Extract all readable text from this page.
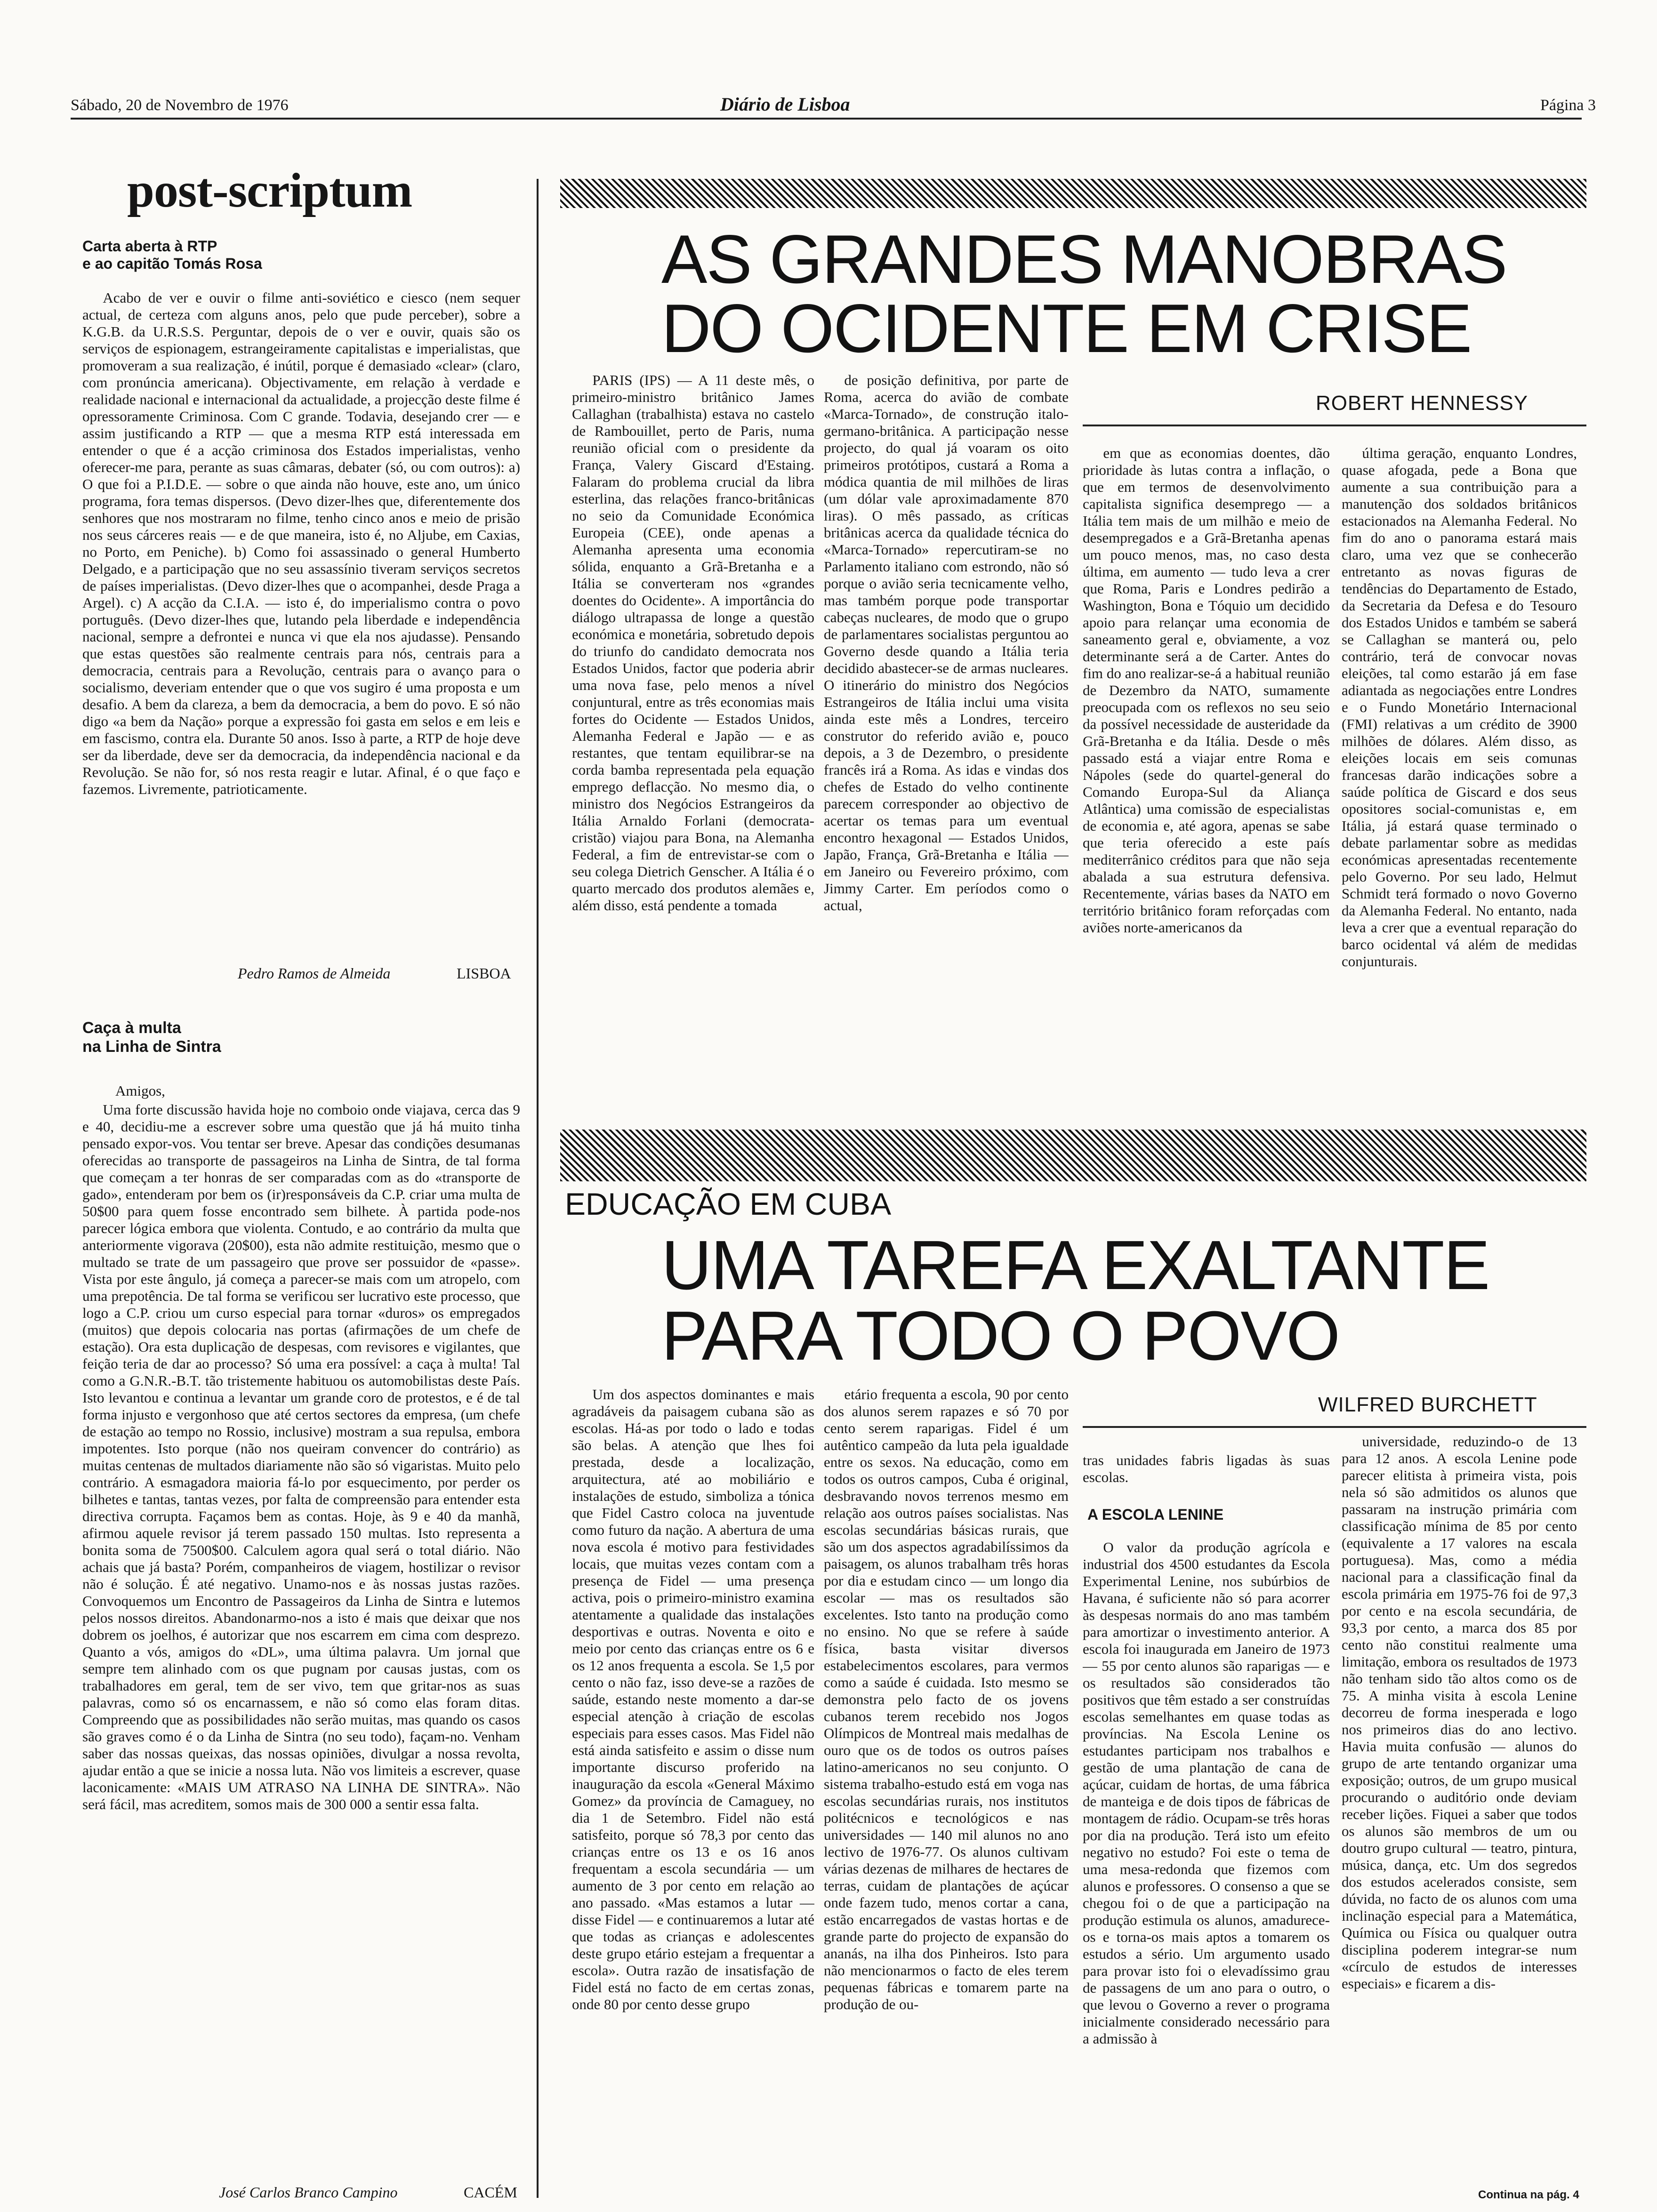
Sábado, 20 de Novembro de 1976	Diário de Lisboa	Página 3
post-scriptum
Carta aberta à RTP
e ao capitão Tomás Rosa

Acabo de ver e ouvir o filme anti-soviético e ciesco (nem sequer actual, de certeza com alguns anos, pelo que pude perceber), sobre a K.G.B. da U.R.S.S. Perguntar, depois de o ver e ouvir, quais são os serviços de espionagem, estrangeiramente capitalistas e imperialistas, que promoveram a sua realização, é inútil, porque é demasiado «clear» (claro, com pronúncia americana). Objectivamente, em relação à verdade e realidade nacional e internacional da actualidade, a projecção deste filme é opressoramente Criminosa. Com C grande. Todavia, desejando crer — e assim justificando a RTP — que a mesma RTP está interessada em entender o que é a acção criminosa dos Estados imperialistas, venho oferecer-me para, perante as suas câmaras, debater (só, ou com outros): a) O que foi a P.I.D.E. — sobre o que ainda não houve, este ano, um único programa, fora temas dispersos. (Devo dizer-lhes que, diferentemente dos senhores que nos mostraram no filme, tenho cinco anos e meio de prisão nos seus cárceres reais — e de que maneira, isto é, no Aljube, em Caxias, no Porto, em Peniche). b) Como foi assassinado o general Humberto Delgado, e a participação que no seu assassínio tiveram serviços secretos de países imperialistas. (Devo dizer-lhes que o acompanhei, desde Praga a Argel). c) A acção da C.I.A. — isto é, do imperialismo contra o povo português. (Devo dizer-lhes que, lutando pela liberdade e independência nacional, sempre a defrontei e nunca vi que ela nos ajudasse). Pensando que estas questões são realmente centrais para nós, centrais para a democracia, centrais para a Revolução, centrais para o avanço para o socialismo, deveriam entender que o que vos sugiro é uma proposta e um desafio. A bem da clareza, a bem da democracia, a bem do povo. E só não digo «a bem da Nação» porque a expressão foi gasta em selos e em leis e em fascismo, contra ela. Durante 50 anos. Isso à parte, a RTP de hoje deve ser da liberdade, deve ser da democracia, da independência nacional e da Revolução. Se não for, só nos resta reagir e lutar. Afinal, é o que faço e fazemos. Livremente, patrioticamente.

Pedro Ramos de Almeida	LISBOA
Caça à multa
na Linha de Sintra
Amigos,

Uma forte discussão havida hoje no comboio onde viajava, cerca das 9 e 40, decidiu-me a escrever sobre uma questão que já há muito tinha pensado expor-vos. Vou tentar ser breve. Apesar das condições desumanas oferecidas ao transporte de passageiros na Linha de Sintra, de tal forma que começam a ter honras de ser comparadas com as do «transporte de gado», entenderam por bem os (ir)responsáveis da C.P. criar uma multa de 50$00 para quem fosse encontrado sem bilhete. À partida pode-nos parecer lógica embora que violenta. Contudo, e ao contrário da multa que anteriormente vigorava (20$00), esta não admite restituição, mesmo que o multado se trate de um passageiro que prove ser possuidor de «passe». Vista por este ângulo, já começa a parecer-se mais com um atropelo, com uma prepotência. De tal forma se verificou ser lucrativo este processo, que logo a C.P. criou um curso especial para tornar «duros» os empregados (muitos) que depois colocaria nas portas (afirmações de um chefe de estação). Ora esta duplicação de despesas, com revisores e vigilantes, que feição teria de dar ao processo? Só uma era possível: a caça à multa! Tal como a G.N.R.-B.T. tão tristemente habituou os automobilistas deste País. Isto levantou e continua a levantar um grande coro de protestos, e é de tal forma injusto e vergonhoso que até certos sectores da empresa, (um chefe de estação ao tempo no Rossio, inclusive) mostram a sua repulsa, embora impotentes. Isto porque (não nos queiram convencer do contrário) as muitas centenas de multados diariamente não são só vigaristas. Muito pelo contrário. A esmagadora maioria fá-lo por esquecimento, por perder os bilhetes e tantas, tantas vezes, por falta de compreensão para entender esta directiva corrupta. Façamos bem as contas. Hoje, às 9 e 40 da manhã, afirmou aquele revisor já terem passado 150 multas. Isto representa a bonita soma de 7500$00. Calculem agora qual será o total diário. Não achais que já basta? Porém, companheiros de viagem, hostilizar o revisor não é solução. É até negativo. Unamo-nos e às nossas justas razões. Convoquemos um Encontro de Passageiros da Linha de Sintra e lutemos pelos nossos direitos. Abandonarmo-nos a isto é mais que deixar que nos dobrem os joelhos, é autorizar que nos escarrem em cima com desprezo. Quanto a vós, amigos do «DL», uma última palavra. Um jornal que sempre tem alinhado com os que pugnam por causas justas, com os trabalhadores em geral, tem de ser vivo, tem que gritar-nos as suas palavras, como só os encarnassem, e não só como elas foram ditas. Compreendo que as possibilidades não serão muitas, mas quando os casos são graves como é o da Linha de Sintra (no seu todo), façam-no. Venham saber das nossas queixas, das nossas opiniões, divulgar a nossa revolta, ajudar então a que se inicie a nossa luta. Não vos limiteis a escrever, quase laconicamente: «MAIS UM ATRASO NA LINHA DE SINTRA». Não será fácil, mas acreditem, somos mais de 300 000 a sentir essa falta.

José Carlos Branco Campino	CACÉM
AS GRANDES MANOBRAS
DO OCIDENTE EM CRISE
ROBERT HENNESSY

PARIS (IPS) — A 11 deste mês, o primeiro-ministro britânico James Callaghan (trabalhista) estava no castelo de Rambouillet, perto de Paris, numa reunião oficial com o presidente da França, Valery Giscard d'Estaing. Falaram do problema crucial da libra esterlina, das relações franco-britânicas no seio da Comunidade Económica Europeia (CEE), onde apenas a Alemanha apresenta uma economia sólida, enquanto a Grã-Bretanha e a Itália se converteram nos «grandes doentes do Ocidente». A importância do diálogo ultrapassa de longe a questão económica e monetária, sobretudo depois do triunfo do candidato democrata nos Estados Unidos, factor que poderia abrir uma nova fase, pelo menos a nível conjuntural, entre as três economias mais fortes do Ocidente — Estados Unidos, Alemanha Federal e Japão — e as restantes, que tentam equilibrar-se na corda bamba representada pela equação emprego deflacção. No mesmo dia, o ministro dos Negócios Estrangeiros da Itália Arnaldo Forlani (democrata-cristão) viajou para Bona, na Alemanha Federal, a fim de entrevistar-se com o seu colega Dietrich Genscher. A Itália é o quarto mercado dos produtos alemães e, além disso, está pendente a tomada

de posição definitiva, por parte de Roma, acerca do avião de combate «Marca-Tornado», de construção italo-germano-britânica. A participação nesse projecto, do qual já voaram os oito primeiros protótipos, custará a Roma a módica quantia de mil milhões de liras (um dólar vale aproximadamente 870 liras). O mês passado, as críticas britânicas acerca da qualidade técnica do «Marca-Tornado» repercutiram-se no Parlamento italiano com estrondo, não só porque o avião seria tecnicamente velho, mas também porque pode transportar cabeças nucleares, de modo que o grupo de parlamentares socialistas perguntou ao Governo desde quando a Itália teria decidido abastecer-se de armas nucleares. O itinerário do ministro dos Negócios Estrangeiros de Itália inclui uma visita ainda este mês a Londres, terceiro construtor do referido avião e, pouco depois, a 3 de Dezembro, o presidente francês irá a Roma. As idas e vindas dos chefes de Estado do velho continente parecem corresponder ao objectivo de acertar os temas para um eventual encontro hexagonal — Estados Unidos, Japão, França, Grã-Bretanha e Itália — em Janeiro ou Fevereiro próximo, com Jimmy Carter. Em períodos como o actual,

em que as economias doentes, dão prioridade às lutas contra a inflação, o que em termos de desenvolvimento capitalista significa desemprego — a Itália tem mais de um milhão e meio de desempregados e a Grã-Bretanha apenas um pouco menos, mas, no caso desta última, em aumento — tudo leva a crer que Roma, Paris e Londres pedirão a Washington, Bona e Tóquio um decidido apoio para relançar uma economia de saneamento geral e, obviamente, a voz determinante será a de Carter. Antes do fim do ano realizar-se-á a habitual reunião de Dezembro da NATO, sumamente preocupada com os reflexos no seu seio da possível necessidade de austeridade da Grã-Bretanha e da Itália. Desde o mês passado está a viajar entre Roma e Nápoles (sede do quartel-general do Comando Europa-Sul da Aliança Atlântica) uma comissão de especialistas de economia e, até agora, apenas se sabe que teria oferecido a este país mediterrânico créditos para que não seja abalada a sua estrutura defensiva. Recentemente, várias bases da NATO em território britânico foram reforçadas com aviões norte-americanos da

última geração, enquanto Londres, quase afogada, pede a Bona que aumente a sua contribuição para a manutenção dos soldados britânicos estacionados na Alemanha Federal. No fim do ano o panorama estará mais claro, uma vez que se conhecerão entretanto as novas figuras de tendências do Departamento de Estado, da Secretaria da Defesa e do Tesouro dos Estados Unidos e também se saberá se Callaghan se manterá ou, pelo contrário, terá de convocar novas eleições, tal como estarão já em fase adiantada as negociações entre Londres e o Fundo Monetário Internacional (FMI) relativas a um crédito de 3900 milhões de dólares. Além disso, as eleições locais em seis comunas francesas darão indicações sobre a saúde política de Giscard e dos seus opositores social-comunistas e, em Itália, já estará quase terminado o debate parlamentar sobre as medidas económicas apresentadas recentemente pelo Governo. Por seu lado, Helmut Schmidt terá formado o novo Governo da Alemanha Federal. No entanto, nada leva a crer que a eventual reparação do barco ocidental vá além de medidas conjunturais.

EDUCAÇÃO EM CUBA
UMA TAREFA EXALTANTE
PARA TODO O POVO
WILFRED BURCHETT

Um dos aspectos dominantes e mais agradáveis da paisagem cubana são as escolas. Há-as por todo o lado e todas são belas. A atenção que lhes foi prestada, desde a localização, arquitectura, até ao mobiliário e instalações de estudo, simboliza a tónica que Fidel Castro coloca na juventude como futuro da nação. A abertura de uma nova escola é motivo para festividades locais, que muitas vezes contam com a presença de Fidel — uma presença activa, pois o primeiro-ministro examina atentamente a qualidade das instalações desportivas e outras. Noventa e oito e meio por cento das crianças entre os 6 e os 12 anos frequenta a escola. Se 1,5 por cento o não faz, isso deve-se a razões de saúde, estando neste momento a dar-se especial atenção à criação de escolas especiais para esses casos. Mas Fidel não está ainda satisfeito e assim o disse num importante discurso proferido na inauguração da escola «General Máximo Gomez» da província de Camaguey, no dia 1 de Setembro. Fidel não está satisfeito, porque só 78,3 por cento das crianças entre os 13 e os 16 anos frequentam a escola secundária — um aumento de 3 por cento em relação ao ano passado. «Mas estamos a lutar — disse Fidel — e continuaremos a lutar até que todas as crianças e adolescentes deste grupo etário estejam a frequentar a escola». Outra razão de insatisfação de Fidel está no facto de em certas zonas, onde 80 por cento desse grupo

etário frequenta a escola, 90 por cento dos alunos serem rapazes e só 70 por cento serem raparigas. Fidel é um autêntico campeão da luta pela igualdade entre os sexos. Na educação, como em todos os outros campos, Cuba é original, desbravando novos terrenos mesmo em relação aos outros países socialistas. Nas escolas secundárias básicas rurais, que são um dos aspectos agradabilíssimos da paisagem, os alunos trabalham três horas por dia e estudam cinco — um longo dia escolar — mas os resultados são excelentes. Isto tanto na produção como no ensino. No que se refere à saúde física, basta visitar diversos estabelecimentos escolares, para vermos como a saúde é cuidada. Isto mesmo se demonstra pelo facto de os jovens cubanos terem recebido nos Jogos Olímpicos de Montreal mais medalhas de ouro que os de todos os outros países latino-americanos no seu conjunto. O sistema trabalho-estudo está em voga nas escolas secundárias rurais, nos institutos politécnicos e tecnológicos e nas universidades — 140 mil alunos no ano lectivo de 1976-77. Os alunos cultivam várias dezenas de milhares de hectares de terras, cuidam de plantações de açúcar onde fazem tudo, menos cortar a cana, estão encarregados de vastas hortas e de grande parte do projecto de expansão do ananás, na ilha dos Pinheiros. Isto para não mencionarmos o facto de eles terem pequenas fábricas e tomarem parte na produção de ou-

tras unidades fabris ligadas às suas escolas.

A ESCOLA LENINE

O valor da produção agrícola e industrial dos 4500 estudantes da Escola Experimental Lenine, nos subúrbios de Havana, é suficiente não só para acorrer às despesas normais do ano mas também para amortizar o investimento anterior. A escola foi inaugurada em Janeiro de 1973 — 55 por cento alunos são raparigas — e os resultados são considerados tão positivos que têm estado a ser construídas escolas semelhantes em quase todas as províncias. Na Escola Lenine os estudantes participam nos trabalhos e gestão de uma plantação de cana de açúcar, cuidam de hortas, de uma fábrica de manteiga e de dois tipos de fábricas de montagem de rádio. Ocupam-se três horas por dia na produção. Terá isto um efeito negativo no estudo? Foi este o tema de uma mesa-redonda que fizemos com alunos e professores. O consenso a que se chegou foi o de que a participação na produção estimula os alunos, amadurece-os e torna-os mais aptos a tomarem os estudos a sério. Um argumento usado para provar isto foi o elevadíssimo grau de passagens de um ano para o outro, o que levou o Governo a rever o programa inicialmente considerado necessário para a admissão à

universidade, reduzindo-o de 13 para 12 anos. A escola Lenine pode parecer elitista à primeira vista, pois nela só são admitidos os alunos que passaram na instrução primária com classificação mínima de 85 por cento (equivalente a 17 valores na escala portuguesa). Mas, como a média nacional para a classificação final da escola primária em 1975-76 foi de 97,3 por cento e na escola secundária, de 93,3 por cento, a marca dos 85 por cento não constitui realmente uma limitação, embora os resultados de 1973 não tenham sido tão altos como os de 75. A minha visita à escola Lenine decorreu de forma inesperada e logo nos primeiros dias do ano lectivo. Havia muita confusão — alunos do grupo de arte tentando organizar uma exposição; outros, de um grupo musical procurando o auditório onde deviam receber lições. Fiquei a saber que todos os alunos são membros de um ou doutro grupo cultural — teatro, pintura, música, dança, etc. Um dos segredos dos estudos acelerados consiste, sem dúvida, no facto de os alunos com uma inclinação especial para a Matemática, Química ou Física ou qualquer outra disciplina poderem integrar-se num «círculo de estudos de interesses especiais» e ficarem a dis-

Continua na pág. 4
